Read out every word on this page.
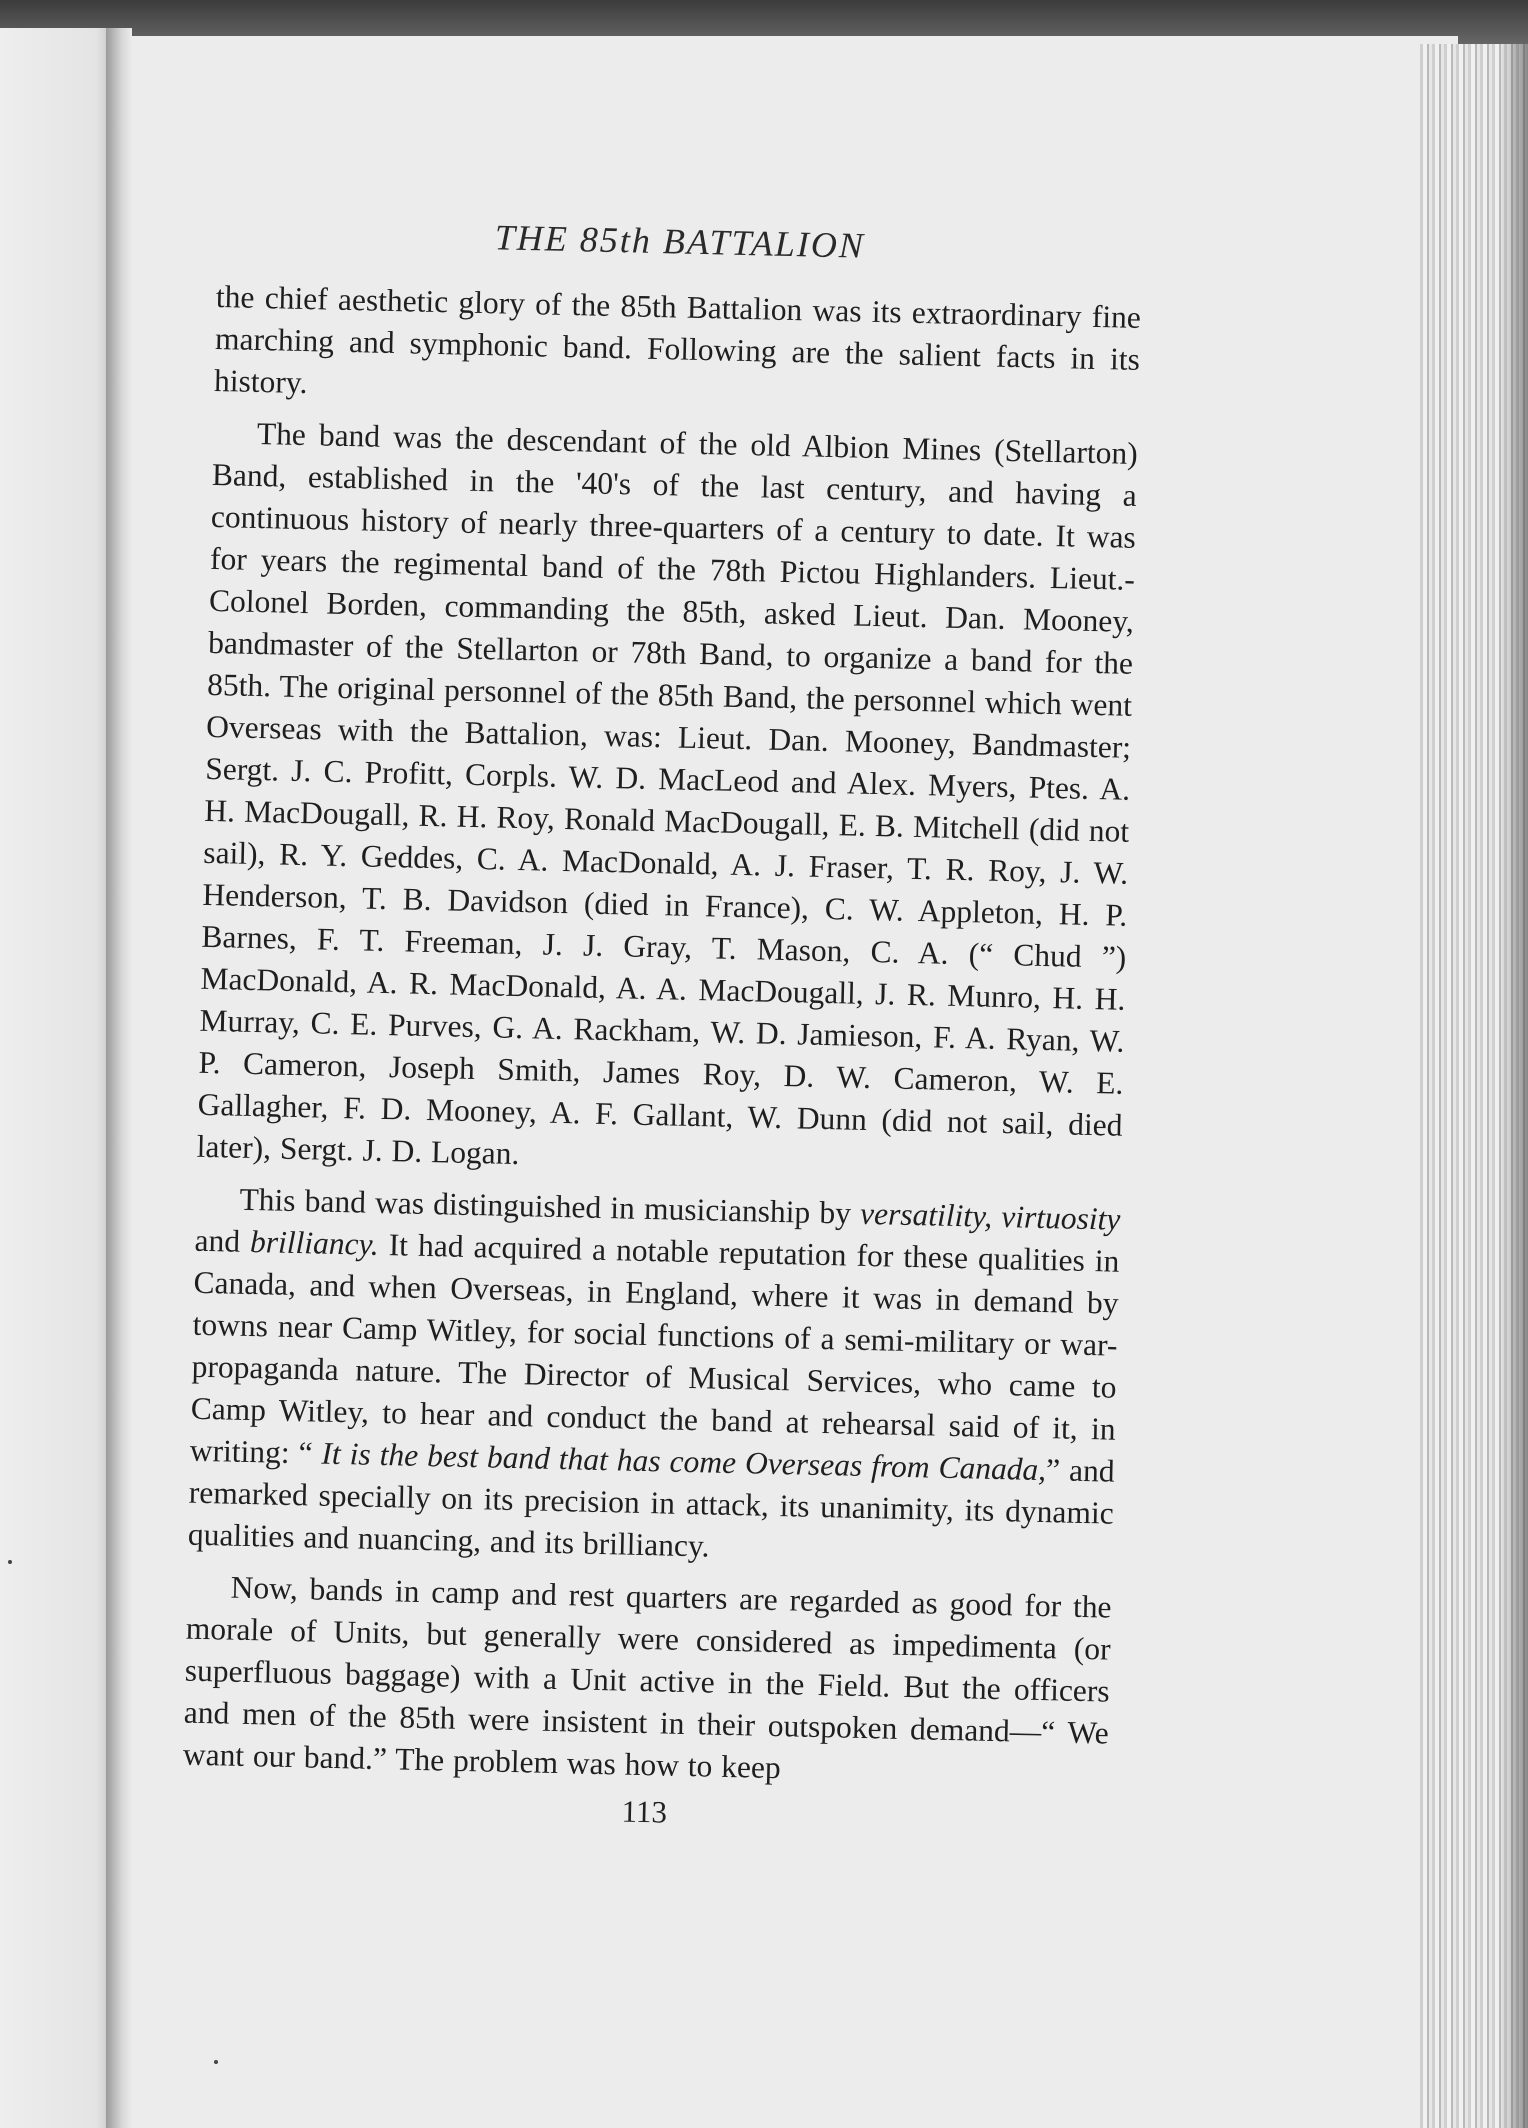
THE 85th BATTALION

the chief aesthetic glory of the 85th Battalion was its extraordinary fine marching and symphonic band. Following are the salient facts in its history.

The band was the descendant of the old Albion Mines (Stellarton) Band, established in the '40's of the last century, and having a continuous history of nearly three-quarters of a century to date. It was for years the regimental band of the 78th Pictou Highlanders. Lieut.-Colonel Borden, commanding the 85th, asked Lieut. Dan. Mooney, bandmaster of the Stellarton or 78th Band, to organize a band for the 85th. The original personnel of the 85th Band, the personnel which went Overseas with the Battalion, was: Lieut. Dan. Mooney, Bandmaster; Sergt. J. C. Profitt, Corpls. W. D. MacLeod and Alex. Myers, Ptes. A. H. MacDougall, R. H. Roy, Ronald MacDougall, E. B. Mitchell (did not sail), R. Y. Geddes, C. A. MacDonald, A. J. Fraser, T. R. Roy, J. W. Henderson, T. B. Davidson (died in France), C. W. Appleton, H. P. Barnes, F. T. Freeman, J. J. Gray, T. Mason, C. A. (“ Chud ”) MacDonald, A. R. MacDonald, A. A. MacDougall, J. R. Munro, H. H. Murray, C. E. Purves, G. A. Rackham, W. D. Jamieson, F. A. Ryan, W. P. Cameron, Joseph Smith, James Roy, D. W. Cameron, W. E. Gallagher, F. D. Mooney, A. F. Gallant, W. Dunn (did not sail, died later), Sergt. J. D. Logan.

This band was distinguished in musicianship by versatility, virtuosity and brilliancy. It had acquired a notable reputation for these qualities in Canada, and when Overseas, in England, where it was in demand by towns near Camp Witley, for social functions of a semi-military or war-propaganda nature. The Director of Musical Services, who came to Camp Witley, to hear and conduct the band at rehearsal said of it, in writing: “ It is the best band that has come Overseas from Canada,” and remarked specially on its precision in attack, its unanimity, its dynamic qualities and nuancing, and its brilliancy.

Now, bands in camp and rest quarters are regarded as good for the morale of Units, but generally were considered as impedimenta (or superfluous baggage) with a Unit active in the Field. But the officers and men of the 85th were insistent in their outspoken demand—“ We want our band.” The problem was how to keep

113
